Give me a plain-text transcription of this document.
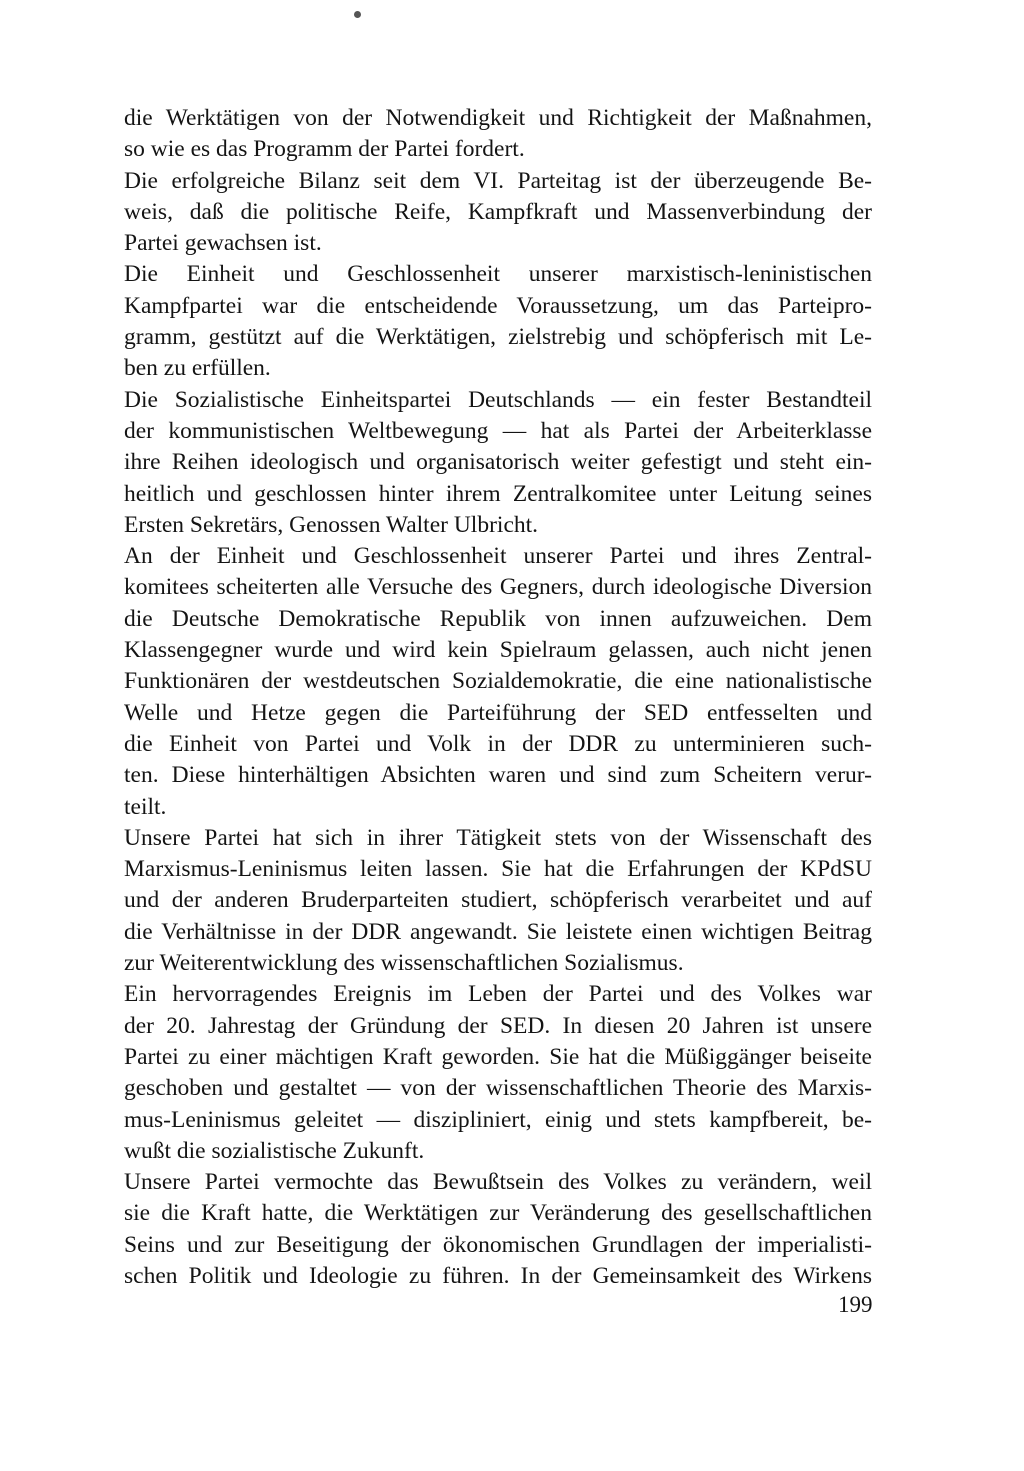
die Werktätigen von der Notwendigkeit und Richtigkeit der Maßnahmen,
so wie es das Programm der Partei fordert.
Die erfolgreiche Bilanz seit dem VI. Parteitag ist der überzeugende Be-
weis, daß die politische Reife, Kampfkraft und Massenverbindung der
Partei gewachsen ist.
Die Einheit und Geschlossenheit unserer marxistisch-leninistischen
Kampfpartei war die entscheidende Voraussetzung, um das Parteipro-
gramm, gestützt auf die Werktätigen, zielstrebig und schöpferisch mit Le-
ben zu erfüllen.
Die Sozialistische Einheitspartei Deutschlands — ein fester Bestandteil
der kommunistischen Weltbewegung — hat als Partei der Arbeiterklasse
ihre Reihen ideologisch und organisatorisch weiter gefestigt und steht ein-
heitlich und geschlossen hinter ihrem Zentralkomitee unter Leitung seines
Ersten Sekretärs, Genossen Walter Ulbricht.
An der Einheit und Geschlossenheit unserer Partei und ihres Zentral-
komitees scheiterten alle Versuche des Gegners, durch ideologische Diversion
die Deutsche Demokratische Republik von innen aufzuweichen. Dem
Klassengegner wurde und wird kein Spielraum gelassen, auch nicht jenen
Funktionären der westdeutschen Sozialdemokratie, die eine nationalistische
Welle und Hetze gegen die Parteiführung der SED entfesselten und
die Einheit von Partei und Volk in der DDR zu unterminieren such-
ten. Diese hinterhältigen Absichten waren und sind zum Scheitern verur-
teilt.
Unsere Partei hat sich in ihrer Tätigkeit stets von der Wissenschaft des
Marxismus-Leninismus leiten lassen. Sie hat die Erfahrungen der KPdSU
und der anderen Bruderparteiten studiert, schöpferisch verarbeitet und auf
die Verhältnisse in der DDR angewandt. Sie leistete einen wichtigen Beitrag
zur Weiterentwicklung des wissenschaftlichen Sozialismus.
Ein hervorragendes Ereignis im Leben der Partei und des Volkes war
der 20. Jahrestag der Gründung der SED. In diesen 20 Jahren ist unsere
Partei zu einer mächtigen Kraft geworden. Sie hat die Müßiggänger beiseite
geschoben und gestaltet — von der wissenschaftlichen Theorie des Marxis-
mus-Leninismus geleitet — diszipliniert, einig und stets kampfbereit, be-
wußt die sozialistische Zukunft.
Unsere Partei vermochte das Bewußtsein des Volkes zu verändern, weil
sie die Kraft hatte, die Werktätigen zur Veränderung des gesellschaftlichen
Seins und zur Beseitigung der ökonomischen Grundlagen der imperialisti-
schen Politik und Ideologie zu führen. In der Gemeinsamkeit des Wirkens
199
